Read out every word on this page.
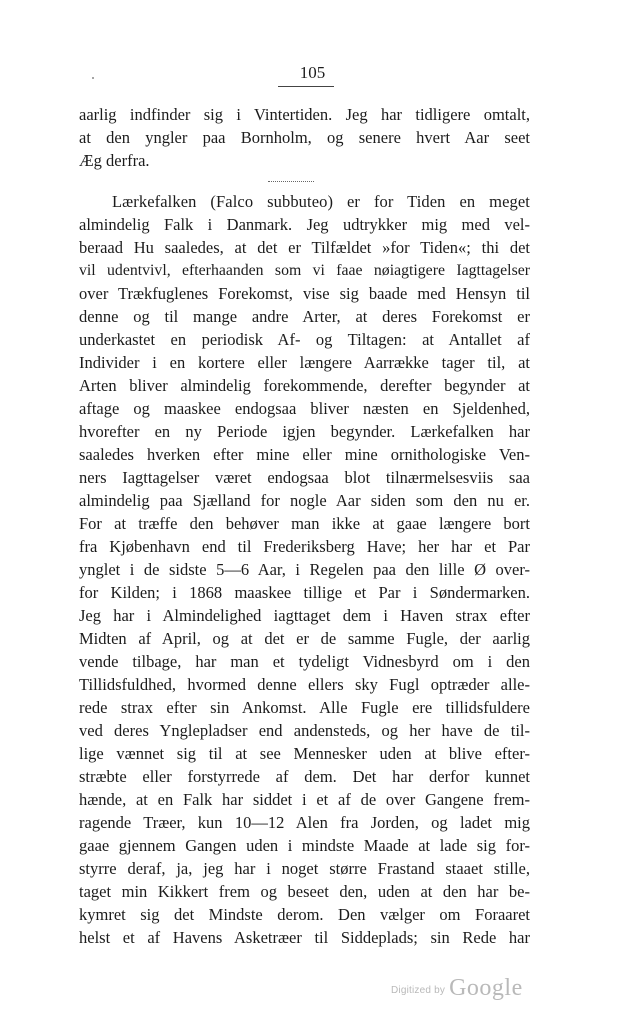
105
aarlig indfinder sig i Vintertiden. Jeg har tidligere omtalt,
at den yngler paa Bornholm, og senere hvert Aar seet
Æg derfra.
Lærkefalken (Falco subbuteo) er for Tiden en meget
almindelig Falk i Danmark. Jeg udtrykker mig med vel-
beraad Hu saaledes, at det er Tilfældet »for Tiden«; thi det
vil udentvivl, efterhaanden som vi faae nøiagtigere Iagttagelser
over Trækfuglenes Forekomst, vise sig baade med Hensyn til
denne og til mange andre Arter, at deres Forekomst er
underkastet en periodisk Af- og Tiltagen: at Antallet af
Individer i en kortere eller længere Aarrække tager til, at
Arten bliver almindelig forekommende, derefter begynder at
aftage og maaskee endogsaa bliver næsten en Sjeldenhed,
hvorefter en ny Periode igjen begynder. Lærkefalken har
saaledes hverken efter mine eller mine ornithologiske Ven-
ners Iagttagelser været endogsaa blot tilnærmelsesviis saa
almindelig paa Sjælland for nogle Aar siden som den nu er.
For at træffe den behøver man ikke at gaae længere bort
fra Kjøbenhavn end til Frederiksberg Have; her har et Par
ynglet i de sidste 5—6 Aar, i Regelen paa den lille Ø over-
for Kilden; i 1868 maaskee tillige et Par i Søndermarken.
Jeg har i Almindelighed iagttaget dem i Haven strax efter
Midten af April, og at det er de samme Fugle, der aarlig
vende tilbage, har man et tydeligt Vidnesbyrd om i den
Tillidsfuldhed, hvormed denne ellers sky Fugl optræder alle-
rede strax efter sin Ankomst. Alle Fugle ere tillidsfuldere
ved deres Ynglepladser end andensteds, og her have de til-
lige vænnet sig til at see Mennesker uden at blive efter-
stræbte eller forstyrrede af dem. Det har derfor kunnet
hænde, at en Falk har siddet i et af de over Gangene frem-
ragende Træer, kun 10—12 Alen fra Jorden, og ladet mig
gaae gjennem Gangen uden i mindste Maade at lade sig for-
styrre deraf, ja, jeg har i noget større Frastand staaet stille,
taget min Kikkert frem og beseet den, uden at den har be-
kymret sig det Mindste derom. Den vælger om Foraaret
helst et af Havens Asketræer til Siddeplads; sin Rede har
Digitized by Google
